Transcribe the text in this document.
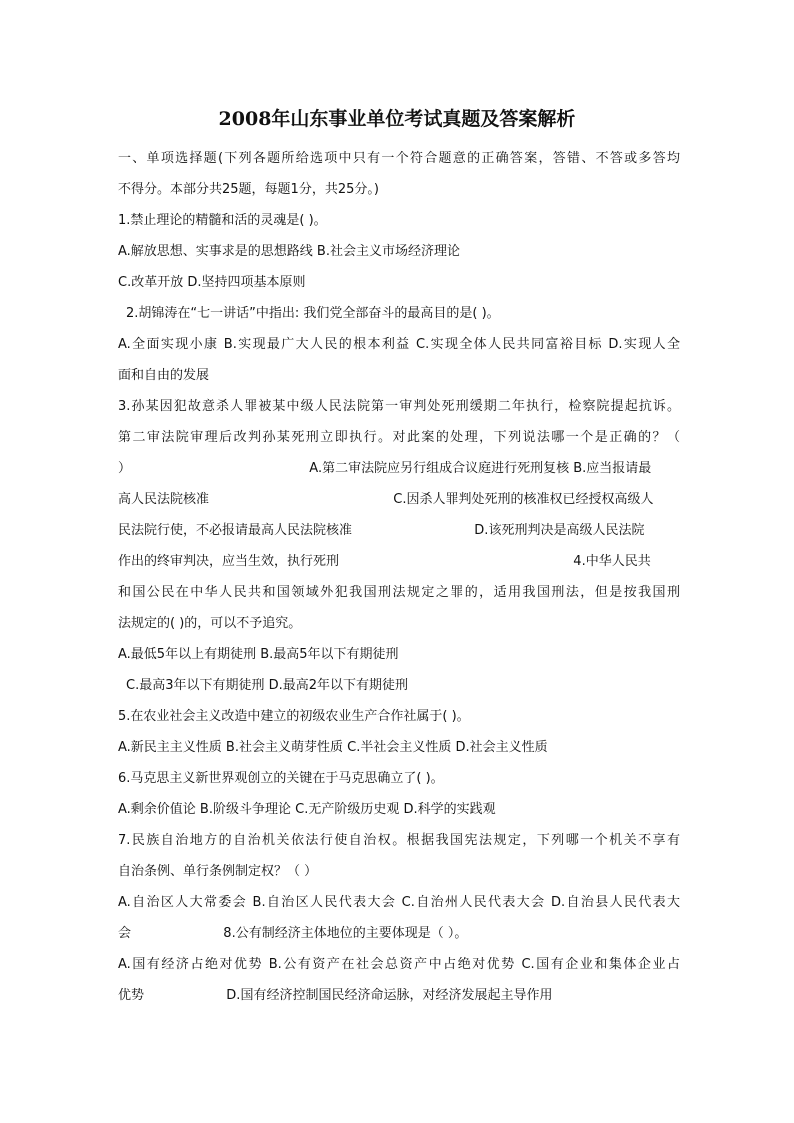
2008年山东事业单位考试真题及答案解析
一、单项选择题(下列各题所给选项中只有一个符合题意的正确答案，答错、不答或多答均
不得分。本部分共25题，每题1分，共25分。)
1.禁止理论的精髓和活的灵魂是( )。
A.解放思想、实事求是的思想路线 B.社会主义市场经济理论
C.改革开放 D.坚持四项基本原则
2.胡锦涛在“七一讲话”中指出: 我们党全部奋斗的最高目的是( )。
A.全面实现小康 B.实现最广大人民的根本利益 C.实现全体人民共同富裕目标 D.实现人全
面和自由的发展
3.孙某因犯故意杀人罪被某中级人民法院第一审判处死刑缓期二年执行，检察院提起抗诉。
第二审法院审理后改判孙某死刑立即执行。对此案的处理，下列说法哪一个是正确的？（
）	A.第二审法院应另行组成合议庭进行死刑复核 B.应当报请最
高人民法院核准	C.因杀人罪判处死刑的核准权已经授权高级人
民法院行使，不必报请最高人民法院核准	D.该死刑判决是高级人民法院
作出的终审判决，应当生效，执行死刑	4.中华人民共
和国公民在中华人民共和国领域外犯我国刑法规定之罪的，适用我国刑法，但是按我国刑
法规定的( )的，可以不予追究。
A.最低5年以上有期徒刑 B.最高5年以下有期徒刑
C.最高3年以下有期徒刑 D.最高2年以下有期徒刑
5.在农业社会主义改造中建立的初级农业生产合作社属于( )。
A.新民主主义性质 B.社会主义萌芽性质 C.半社会主义性质 D.社会主义性质
6.马克思主义新世界观创立的关键在于马克思确立了( )。
A.剩余价值论 B.阶级斗争理论 C.无产阶级历史观 D.科学的实践观
7.民族自治地方的自治机关依法行使自治权。根据我国宪法规定，下列哪一个机关不享有
自治条例、单行条例制定权？（ ）
A.自治区人大常委会 B.自治区人民代表大会 C.自治州人民代表大会 D.自治县人民代表大
会	8.公有制经济主体地位的主要体现是（ ）。
A.国有经济占绝对优势 B.公有资产在社会总资产中占绝对优势 C.国有企业和集体企业占
优势	D.国有经济控制国民经济命运脉，对经济发展起主导作用
